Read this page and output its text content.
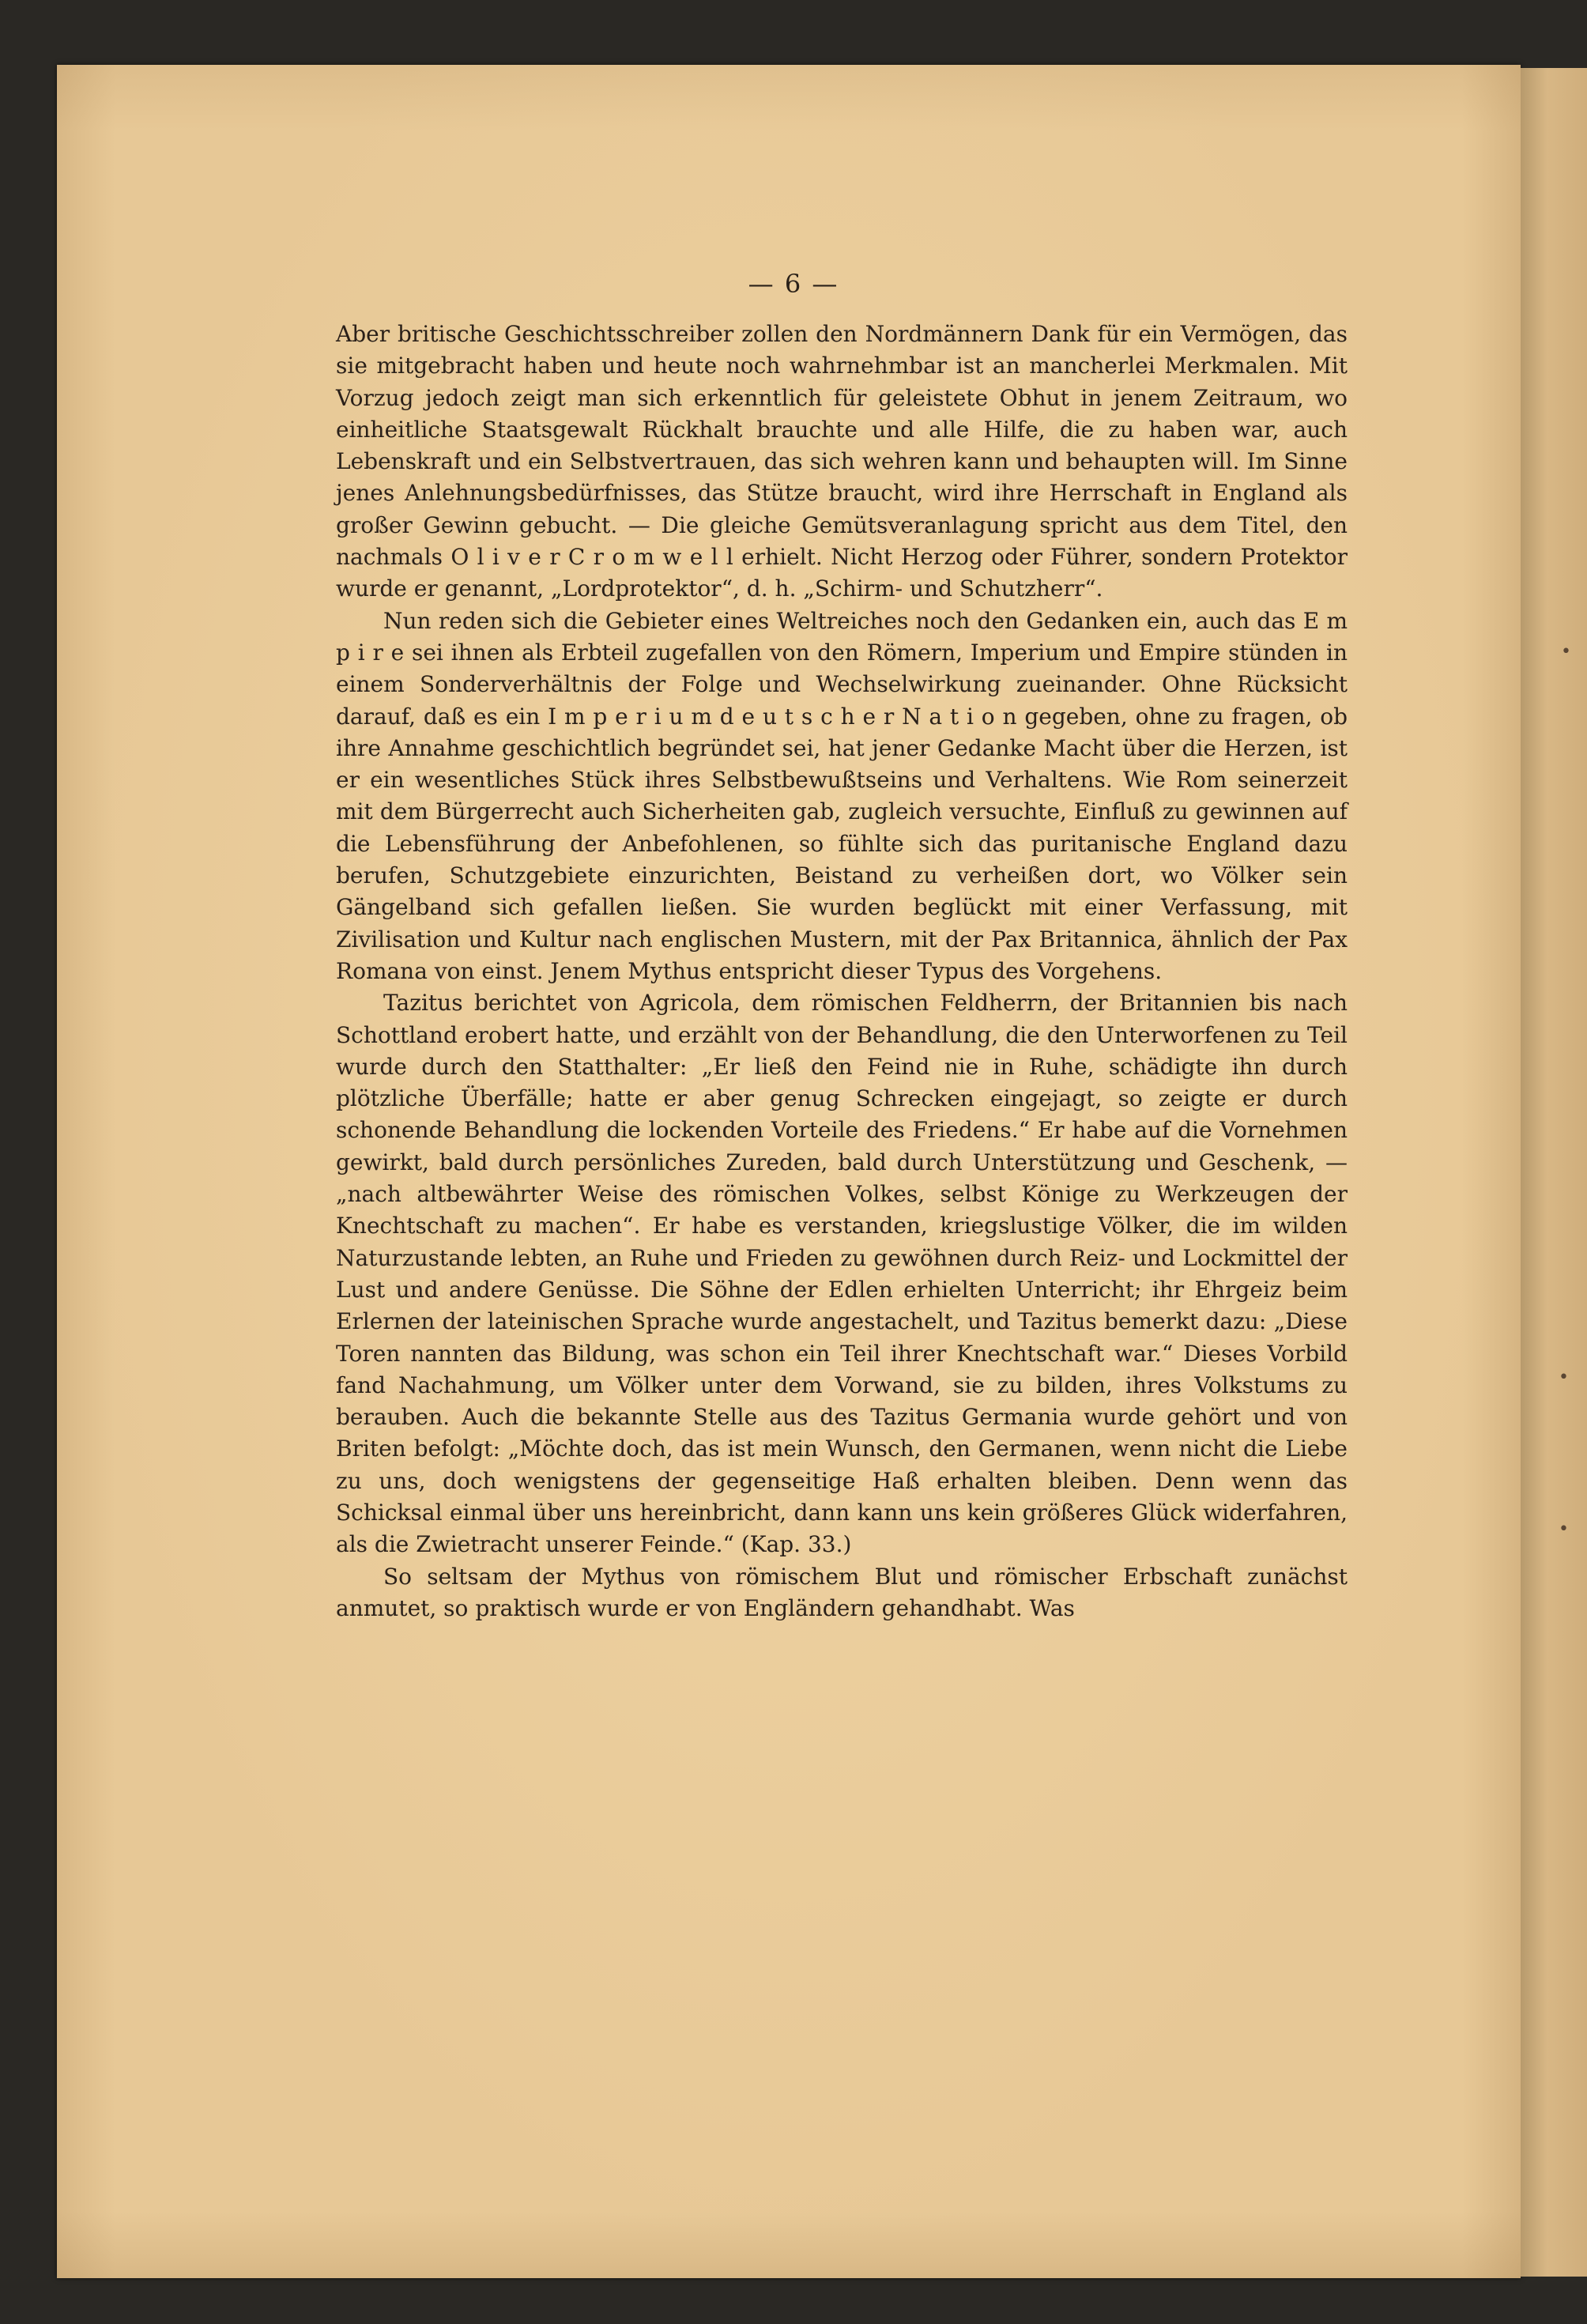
— 6 —

Aber britische Geschichtsschreiber zollen den Nordmännern Dank für ein Vermögen, das sie mitgebracht haben und heute noch wahrnehmbar ist an mancherlei Merkmalen. Mit Vorzug jedoch zeigt man sich erkenntlich für geleistete Obhut in jenem Zeitraum, wo einheitliche Staatsgewalt Rückhalt brauchte und alle Hilfe, die zu haben war, auch Lebenskraft und ein Selbstvertrauen, das sich wehren kann und behaupten will. Im Sinne jenes Anlehnungsbedürfnisses, das Stütze braucht, wird ihre Herrschaft in England als großer Gewinn gebucht. — Die gleiche Gemütsveranlagung spricht aus dem Titel, den nachmals O l i v e r C r o m w e l l erhielt. Nicht Herzog oder Führer, sondern Protektor wurde er genannt, „Lordprotektor“, d. h. „Schirm- und Schutzherr“.

Nun reden sich die Gebieter eines Weltreiches noch den Gedanken ein, auch das E m p i r e sei ihnen als Erbteil zugefallen von den Römern, Imperium und Empire stünden in einem Sonderverhältnis der Folge und Wechselwirkung zueinander. Ohne Rücksicht darauf, daß es ein I m p e r i u m d e u t s c h e r N a t i o n gegeben, ohne zu fragen, ob ihre Annahme geschichtlich begründet sei, hat jener Gedanke Macht über die Herzen, ist er ein wesentliches Stück ihres Selbstbewußtseins und Verhaltens. Wie Rom seinerzeit mit dem Bürgerrecht auch Sicherheiten gab, zugleich versuchte, Einfluß zu gewinnen auf die Lebensführung der Anbefohlenen, so fühlte sich das puritanische England dazu berufen, Schutzgebiete einzurichten, Beistand zu verheißen dort, wo Völker sein Gängelband sich gefallen ließen. Sie wurden beglückt mit einer Verfassung, mit Zivilisation und Kultur nach englischen Mustern, mit der Pax Britannica, ähnlich der Pax Romana von einst. Jenem Mythus entspricht dieser Typus des Vorgehens.

Tazitus berichtet von Agricola, dem römischen Feldherrn, der Britannien bis nach Schottland erobert hatte, und erzählt von der Behandlung, die den Unterworfenen zu Teil wurde durch den Statthalter: „Er ließ den Feind nie in Ruhe, schädigte ihn durch plötzliche Überfälle; hatte er aber genug Schrecken eingejagt, so zeigte er durch schonende Behandlung die lockenden Vorteile des Friedens.“ Er habe auf die Vornehmen gewirkt, bald durch persönliches Zureden, bald durch Unterstützung und Geschenk, — „nach altbewährter Weise des römischen Volkes, selbst Könige zu Werkzeugen der Knechtschaft zu machen“. Er habe es verstanden, kriegslustige Völker, die im wilden Naturzustande lebten, an Ruhe und Frieden zu gewöhnen durch Reiz- und Lockmittel der Lust und andere Genüsse. Die Söhne der Edlen erhielten Unterricht; ihr Ehrgeiz beim Erlernen der lateinischen Sprache wurde angestachelt, und Tazitus bemerkt dazu: „Diese Toren nannten das Bildung, was schon ein Teil ihrer Knechtschaft war.“ Dieses Vorbild fand Nachahmung, um Völker unter dem Vorwand, sie zu bilden, ihres Volkstums zu berauben. Auch die bekannte Stelle aus des Tazitus Germania wurde gehört und von Briten befolgt: „Möchte doch, das ist mein Wunsch, den Germanen, wenn nicht die Liebe zu uns, doch wenigstens der gegenseitige Haß erhalten bleiben. Denn wenn das Schicksal einmal über uns hereinbricht, dann kann uns kein größeres Glück widerfahren, als die Zwietracht unserer Feinde.“ (Kap. 33.)

So seltsam der Mythus von römischem Blut und römischer Erbschaft zunächst anmutet, so praktisch wurde er von Engländern gehandhabt. Was

•
•
•
